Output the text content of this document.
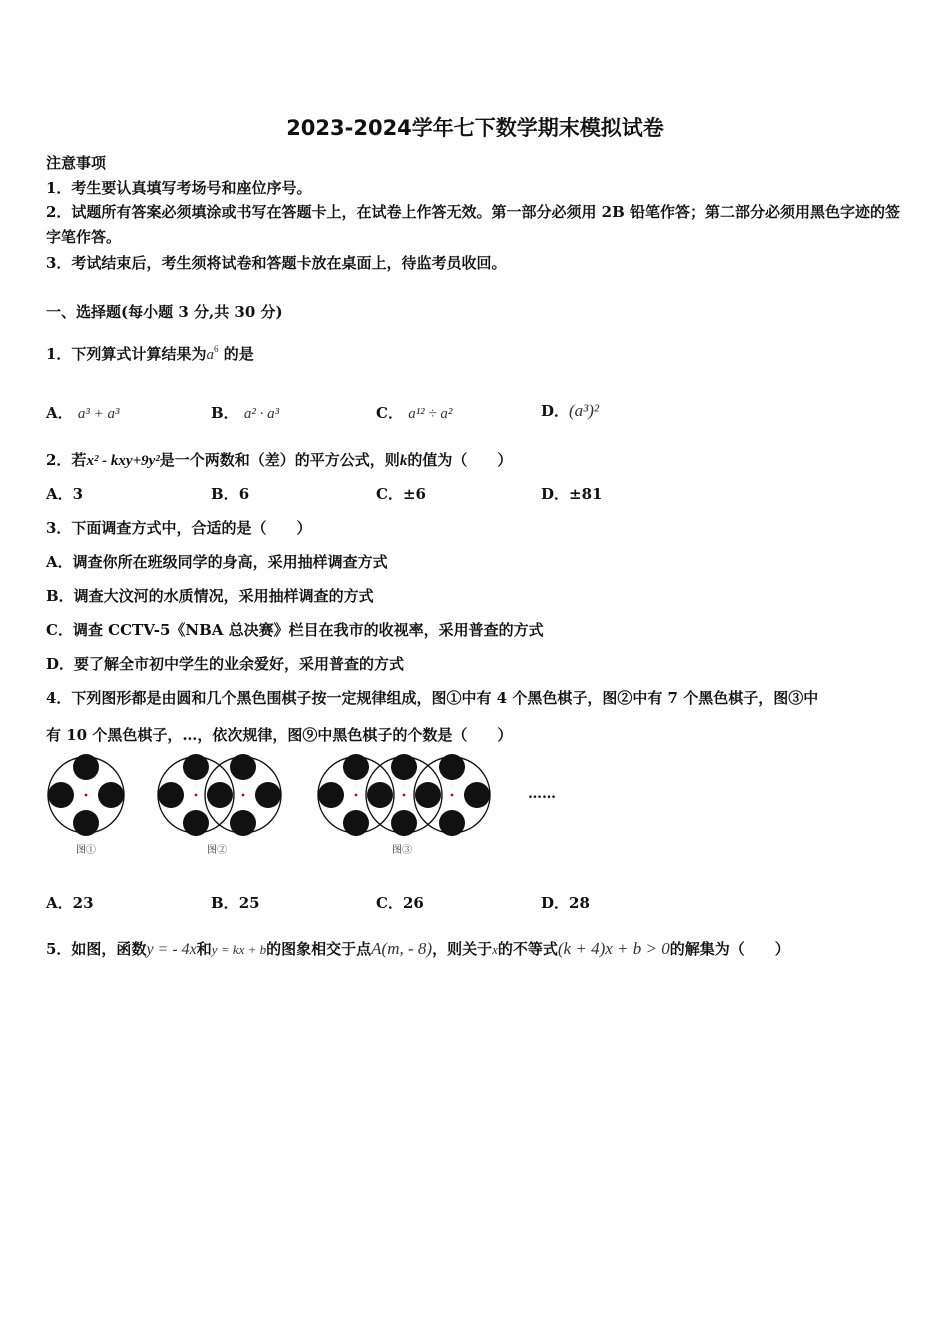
2023-2024学年七下数学期末模拟试卷
注意事项
1．考生要认真填写考场号和座位序号。
2．试题所有答案必须填涂或书写在答题卡上，在试卷上作答无效。第一部分必须用 2B 铅笔作答；第二部分必须用黑色字迹的签字笔作答。
3．考试结束后，考生须将试卷和答题卡放在桌面上，待监考员收回。
一、选择题(每小题 3 分,共 30 分)
1．下列算式计算结果为$a^6$ 的是
A． a³ + a³	B． a² · a³	C． a¹² ÷ a²	D．(a³)²
2．若x² - kxy+9y²是一个两数和（差）的平方公式，则k的值为（　　）
A．3	B．6	C．±6	D．±81
3．下面调查方式中，合适的是（　　）
A．调查你所在班级同学的身高，采用抽样调查方式
B．调查大汶河的水质情况，采用抽样调查的方式
C．调查 CCTV-5《NBA 总决赛》栏目在我市的收视率，采用普查的方式
D．要了解全市初中学生的业余爱好，采用普查的方式
4．下列图形都是由圆和几个黑色围棋子按一定规律组成，图①中有 4 个黑色棋子，图②中有 7 个黑色棋子，图③中
有 10 个黑色棋子，…，依次规律，图⑨中黑色棋子的个数是（　　）
图①	图②	图③
……
A．23	B．25	C．26	D．28
5．如图，函数y = - 4x和y = kx + b的图象相交于点A(m, - 8)，则关于x的不等式(k + 4)x + b > 0的解集为（　　）
